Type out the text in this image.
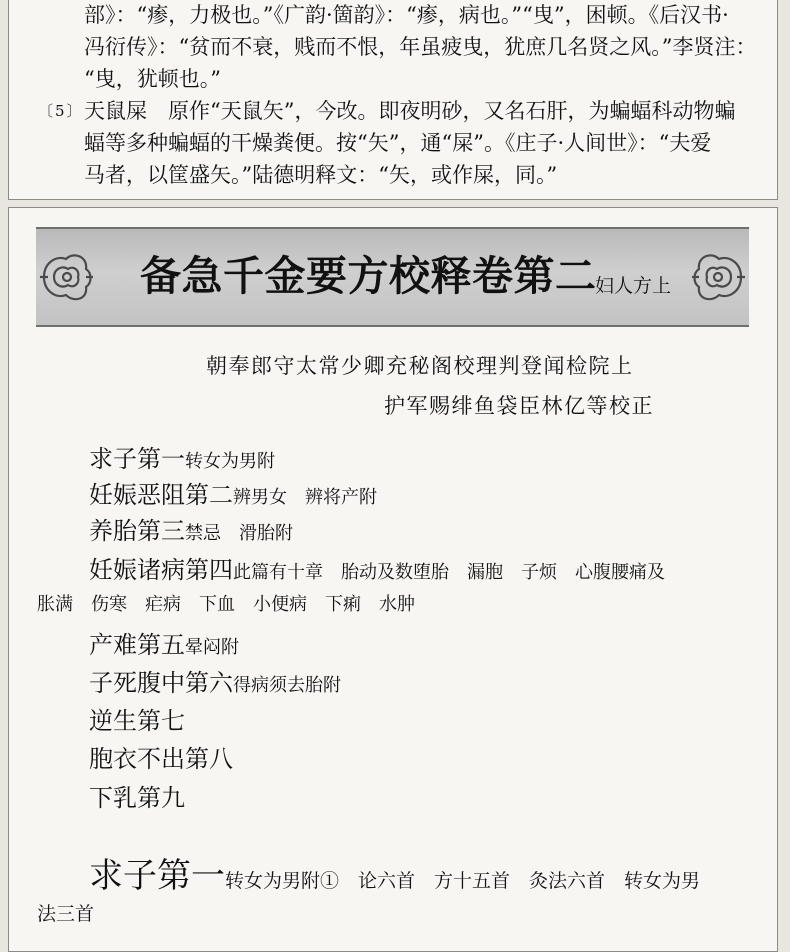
部》：“瘆，力极也。”《广韵·箇韵》：“瘆，病也。”“曳”，困顿。《后汉书·
冯衍传》：“贫而不衰，贱而不恨，年虽疲曳，犹庶几名贤之风。”李贤注：
“曳，犹顿也。”
〔5〕 天鼠屎　原作“天鼠矢”，今改。即夜明砂，又名石肝，为蝙蝠科动物蝙
蝠等多种蝙蝠的干燥粪便。按“矢”，通“屎”。《庄子·人间世》：“夫爱
马者，以筐盛矢。”陆德明释文：“矢，或作屎，同。”
备急千金要方校释卷第二
妇人方上
朝奉郎守太常少卿充秘阁校理判登闻检院上
护军赐绯鱼袋臣林亿等校正
求子第一转女为男附
妊娠恶阻第二辨男女　辨将产附
养胎第三禁忌　滑胎附
妊娠诸病第四此篇有十章　胎动及数堕胎　漏胞　子烦　心腹腰痛及
胀满　伤寒　疟病　下血　小便病　下痢　水肿
产难第五晕闷附
子死腹中第六得病须去胎附
逆生第七
胞衣不出第八
下乳第九
求子第一转女为男附①　论六首　方十五首　灸法六首　转女为男
法三首
